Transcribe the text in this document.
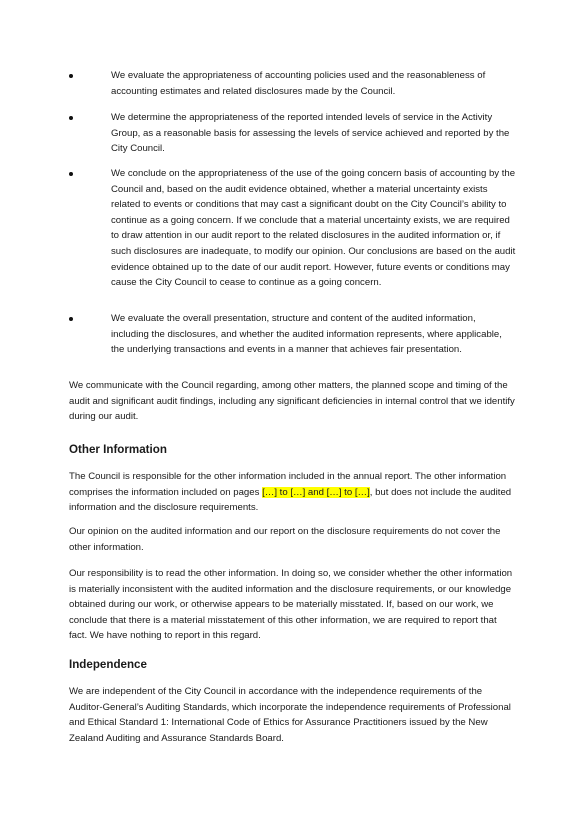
We evaluate the appropriateness of accounting policies used and the reasonableness of accounting estimates and related disclosures made by the Council.

We determine the appropriateness of the reported intended levels of service in the Activity Group, as a reasonable basis for assessing the levels of service achieved and reported by the City Council.

We conclude on the appropriateness of the use of the going concern basis of accounting by the Council and, based on the audit evidence obtained, whether a material uncertainty exists related to events or conditions that may cast a significant doubt on the City Council’s ability to continue as a going concern. If we conclude that a material uncertainty exists, we are required to draw attention in our audit report to the related disclosures in the audited information or, if such disclosures are inadequate, to modify our opinion. Our conclusions are based on the audit evidence obtained up to the date of our audit report. However, future events or conditions may cause the City Council to cease to continue as a going concern.

We evaluate the overall presentation, structure and content of the audited information, including the disclosures, and whether the audited information represents, where applicable, the underlying transactions and events in a manner that achieves fair presentation.

We communicate with the Council regarding, among other matters, the planned scope and timing of the audit and significant audit findings, including any significant deficiencies in internal control that we identify during our audit.

Other Information

The Council is responsible for the other information included in the annual report. The other information comprises the information included on pages […] to […] and […] to […], but does not include the audited information and the disclosure requirements.

Our opinion on the audited information and our report on the disclosure requirements do not cover the other information.

Our responsibility is to read the other information. In doing so, we consider whether the other information is materially inconsistent with the audited information and the disclosure requirements, or our knowledge obtained during our work, or otherwise appears to be materially misstated. If, based on our work, we conclude that there is a material misstatement of this other information, we are required to report that fact. We have nothing to report in this regard.

Independence

We are independent of the City Council in accordance with the independence requirements of the Auditor-General’s Auditing Standards, which incorporate the independence requirements of Professional and Ethical Standard 1: International Code of Ethics for Assurance Practitioners issued by the New Zealand Auditing and Assurance Standards Board.
